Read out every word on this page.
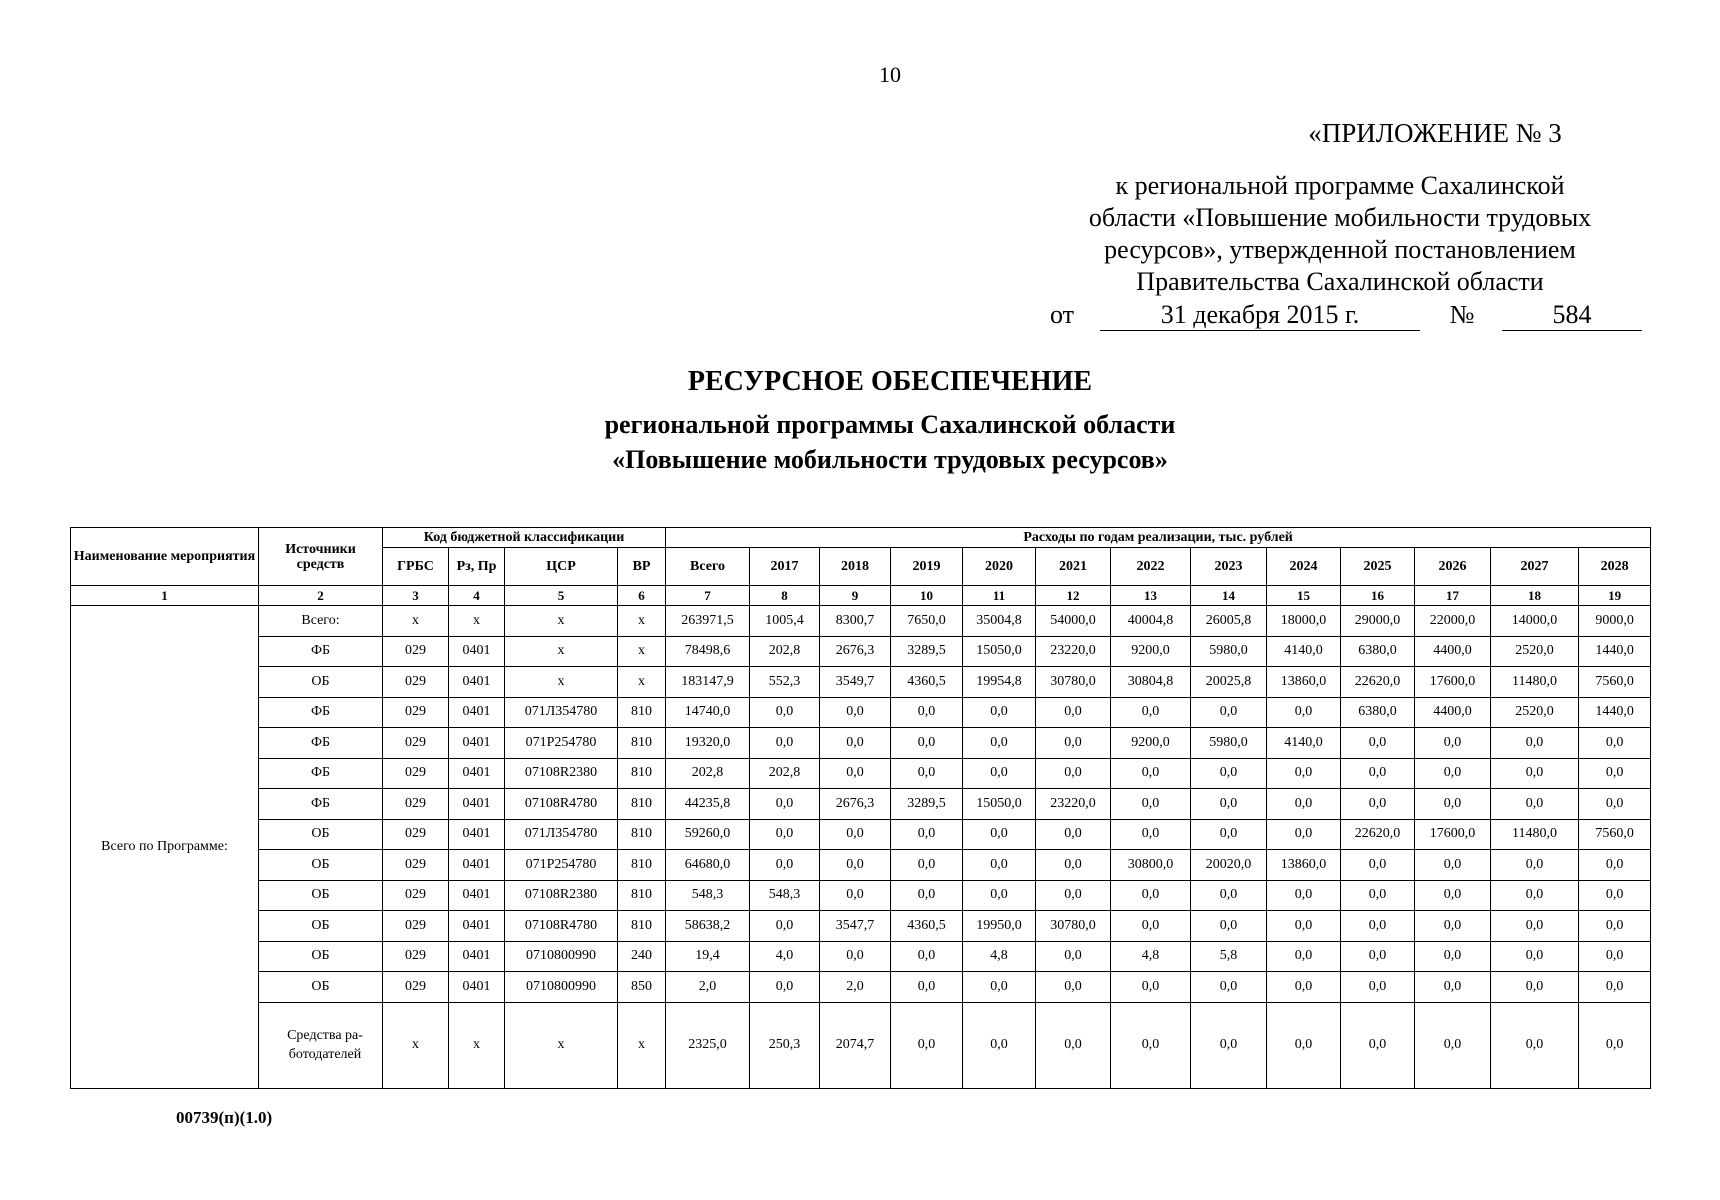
10
«ПРИЛОЖЕНИЕ № 3
к региональной программе Сахалинской
области «Повышение мобильности трудовых
ресурсов», утвержденной постановлением
Правительства Сахалинской области
от	31 декабря 2015 г.	№	584
РЕСУРСНОЕ ОБЕСПЕЧЕНИЕ
региональной программы Сахалинской области
«Повышение мобильности трудовых ресурсов»
Наименование мероприятия	Источники средств	Код бюджетной классификации				Расходы по годам реализации, тыс. рублей												
		ГРБС	Рз, Пр	ЦСР	ВР	Всего	2017	2018	2019	2020	2021	2022	2023	2024	2025	2026	2027	2028
1	2	3	4	5	6	7	8	9	10	11	12	13	14	15	16	17	18	19
Всего по Программе:	Всего:	x	x	x	x	263971,5	1005,4	8300,7	7650,0	35004,8	54000,0	40004,8	26005,8	18000,0	29000,0	22000,0	14000,0	9000,0
	ФБ	029	0401	x	x	78498,6	202,8	2676,3	3289,5	15050,0	23220,0	9200,0	5980,0	4140,0	6380,0	4400,0	2520,0	1440,0
	ОБ	029	0401	x	x	183147,9	552,3	3549,7	4360,5	19954,8	30780,0	30804,8	20025,8	13860,0	22620,0	17600,0	11480,0	7560,0
	ФБ	029	0401	071Л354780	810	14740,0	0,0	0,0	0,0	0,0	0,0	0,0	0,0	0,0	6380,0	4400,0	2520,0	1440,0
	ФБ	029	0401	071Р254780	810	19320,0	0,0	0,0	0,0	0,0	0,0	9200,0	5980,0	4140,0	0,0	0,0	0,0	0,0
	ФБ	029	0401	07108R2380	810	202,8	202,8	0,0	0,0	0,0	0,0	0,0	0,0	0,0	0,0	0,0	0,0	0,0
	ФБ	029	0401	07108R4780	810	44235,8	0,0	2676,3	3289,5	15050,0	23220,0	0,0	0,0	0,0	0,0	0,0	0,0	0,0
	ОБ	029	0401	071Л354780	810	59260,0	0,0	0,0	0,0	0,0	0,0	0,0	0,0	0,0	22620,0	17600,0	11480,0	7560,0
	ОБ	029	0401	071Р254780	810	64680,0	0,0	0,0	0,0	0,0	0,0	30800,0	20020,0	13860,0	0,0	0,0	0,0	0,0
	ОБ	029	0401	07108R2380	810	548,3	548,3	0,0	0,0	0,0	0,0	0,0	0,0	0,0	0,0	0,0	0,0	0,0
	ОБ	029	0401	07108R4780	810	58638,2	0,0	3547,7	4360,5	19950,0	30780,0	0,0	0,0	0,0	0,0	0,0	0,0	0,0
	ОБ	029	0401	0710800990	240	19,4	4,0	0,0	0,0	4,8	0,0	4,8	5,8	0,0	0,0	0,0	0,0	0,0
	ОБ	029	0401	0710800990	850	2,0	0,0	2,0	0,0	0,0	0,0	0,0	0,0	0,0	0,0	0,0	0,0	0,0
	Средства ра- ботодателей	x	x	x	x	2325,0	250,3	2074,7	0,0	0,0	0,0	0,0	0,0	0,0	0,0	0,0	0,0	0,0
00739(п)(1.0)
